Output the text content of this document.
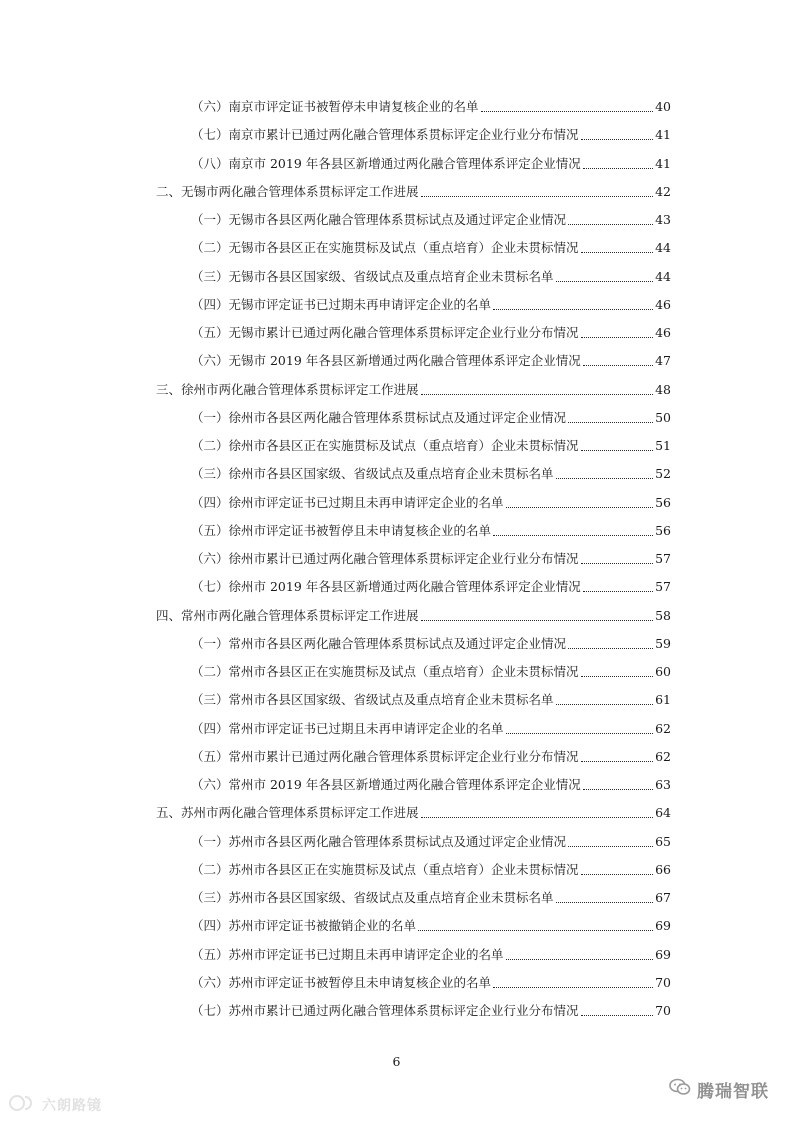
（六）南京市评定证书被暂停未申请复核企业的名单	40
（七）南京市累计已通过两化融合管理体系贯标评定企业行业分布情况	41
（八）南京市 2019 年各县区新增通过两化融合管理体系评定企业情况	41
二、无锡市两化融合管理体系贯标评定工作进展	42
（一）无锡市各县区两化融合管理体系贯标试点及通过评定企业情况	43
（二）无锡市各县区正在实施贯标及试点（重点培育）企业未贯标情况	44
（三）无锡市各县区国家级、省级试点及重点培育企业未贯标名单	44
（四）无锡市评定证书已过期未再申请评定企业的名单	46
（五）无锡市累计已通过两化融合管理体系贯标评定企业行业分布情况	46
（六）无锡市 2019 年各县区新增通过两化融合管理体系评定企业情况	47
三、徐州市两化融合管理体系贯标评定工作进展	48
（一）徐州市各县区两化融合管理体系贯标试点及通过评定企业情况	50
（二）徐州市各县区正在实施贯标及试点（重点培育）企业未贯标情况	51
（三）徐州市各县区国家级、省级试点及重点培育企业未贯标名单	52
（四）徐州市评定证书已过期且未再申请评定企业的名单	56
（五）徐州市评定证书被暂停且未申请复核企业的名单	56
（六）徐州市累计已通过两化融合管理体系贯标评定企业行业分布情况	57
（七）徐州市 2019 年各县区新增通过两化融合管理体系评定企业情况	57
四、常州市两化融合管理体系贯标评定工作进展	58
（一）常州市各县区两化融合管理体系贯标试点及通过评定企业情况	59
（二）常州市各县区正在实施贯标及试点（重点培育）企业未贯标情况	60
（三）常州市各县区国家级、省级试点及重点培育企业未贯标名单	61
（四）常州市评定证书已过期且未再申请评定企业的名单	62
（五）常州市累计已通过两化融合管理体系贯标评定企业行业分布情况	62
（六）常州市 2019 年各县区新增通过两化融合管理体系评定企业情况	63
五、苏州市两化融合管理体系贯标评定工作进展	64
（一）苏州市各县区两化融合管理体系贯标试点及通过评定企业情况	65
（二）苏州市各县区正在实施贯标及试点（重点培育）企业未贯标情况	66
（三）苏州市各县区国家级、省级试点及重点培育企业未贯标名单	67
（四）苏州市评定证书被撤销企业的名单	69
（五）苏州市评定证书已过期且未再申请评定企业的名单	69
（六）苏州市评定证书被暂停且未申请复核企业的名单	70
（七）苏州市累计已通过两化融合管理体系贯标评定企业行业分布情况	70
6
腾瑞智联
六朗路镜
